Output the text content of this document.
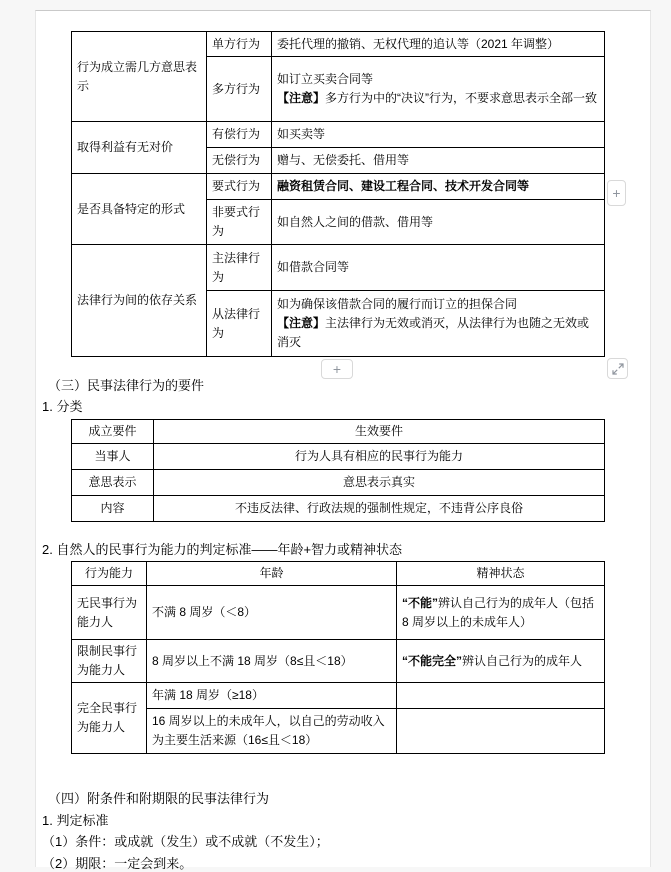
行为成立需几方意思表示	单方行为	委托代理的撤销、无权代理的追认等（2021 年调整）
	多方行为	如订立买卖合同等
【注意】多方行为中的“决议”行为，不要求意思表示全部一致
取得利益有无对价	有偿行为	如买卖等
	无偿行为	赠与、无偿委托、借用等
是否具备特定的形式	要式行为	融资租赁合同、建设工程合同、技术开发合同等
	非要式行为	如自然人之间的借款、借用等
法律行为间的依存关系	主法律行为	如借款合同等
	从法律行为	如为确保该借款合同的履行而订立的担保合同
【注意】主法律行为无效或消灭，从法律行为也随之无效或消灭
+
+
（三）民事法律行为的要件
1. 分类
成立要件	生效要件
当事人	行为人具有相应的民事行为能力
意思表示	意思表示真实
内容	不违反法律、行政法规的强制性规定，不违背公序良俗
2. 自然人的民事行为能力的判定标准——年龄+智力或精神状态
行为能力	年龄	精神状态
无民事行为能力人	不满 8 周岁（＜8）	“不能”辨认自己行为的成年人（包括 8 周岁以上的未成年人）
限制民事行为能力人	8 周岁以上不满 18 周岁（8≤且＜18）	“不能完全”辨认自己行为的成年人
完全民事行为能力人	年满 18 周岁（≥18）	
	16 周岁以上的未成年人，以自己的劳动收入为主要生活来源（16≤且＜18）	
（四）附条件和附期限的民事法律行为
1. 判定标准
（1）条件：或成就（发生）或不成就（不发生）；
（2）期限：一定会到来。
